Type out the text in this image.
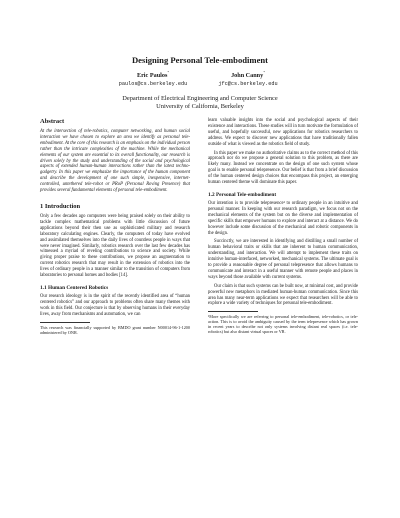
Designing Personal Tele-embodiment
Eric Paulos*
paulos@cs.berkeley.edu
John Canny*
jfc@cs.berkeley.edu
Department of Electrical Engineering and Computer Science
University of California, Berkeley
Abstract

At the intersection of tele-robotics, computer networking, and human social interaction we have chosen to explore an area we identify as personal tele-embodiment. At the core of this research is an emphasis on the individual person rather than the intricate complexities of the machine. While the mechanical elements of our system are essential to its overall functionality, our research is driven solely by the study and understanding of the social and psychological aspects of extended human-human interactions rather than the latest techno-gadgetry. In this paper we emphasize the importance of the human component and describe the development of one such simple, inexpensive, internet-controlled, untethered tele-robot or PRoP (Personal Roving Presence) that provides several fundamental elements of personal tele-embodiment.

1 Introduction

Only a few decades ago computers were being praised solely on their ability to tackle complex mathematical problems with little discussion of future applications beyond their then use as sophisticated military and research laboratory calculating engines. Clearly, the computers of today have evolved and assimilated themselves into the daily lives of countless people in ways that were never imagined. Similarly, robotics research over the last few decades has witnessed a myriad of reveling contributions to science and society. While giving proper praise to these contributions, we propose an augmentation to current robotics research that may result in the extension of robotics into the lives of ordinary people in a manner similar to the transition of computers from laboratories to personal homes and bodies [14].

1.1 Human Centered Robotics

Our research ideology is in the spirit of the recently identified area of “human centered robotics” and our approach to problems often share many themes with work in this field. Our conjecture is that by observing humans in their everyday lives, away from mechanisms and automation, we can

This research was financially supported by BMDO grant number N00014-96-1-1200 administered by ONR.

learn valuable insights into the social and psychological aspects of their existence and interactions. These studies will in turn motivate the formulation of useful, and hopefully successful, new applications for robotics researchers to address. We expect to discover new applications that have traditionally fallen outside of what is viewed as the robotics field of study.

In this paper we make no authoritative claims as to the correct method of this approach nor do we propose a general solution to this problem, as there are likely many. Instead we concentrate on the design of one such system whose goal is to enable personal telepresence. Our belief is that from a brief discussion of the human centered design choices that encompass this project, an emerging human centered theme will dominate this paper.

1.2 Personal Tele-embodiment

Our intention is to provide telepresence¹ to ordinary people in an intuitive and personal manner. In keeping with our research paradigm, we focus not on the mechanical elements of the system but on the diverse and implementation of specific skills that empower humans to explore and interact at a distance. We do however include some discussion of the mechanical and robotic components in the design.

Succinctly, we are interested in identifying and distilling a small number of human behavioral traits or skills that are inherent to human communication, understanding, and interaction. We will attempt to implement these traits on intuitive human-interfaced, networked, mechanical systems. The ultimate goal is to provide a reasonable degree of personal telepresence that allows humans to communicate and interact in a useful manner with remote people and places in ways beyond those available with current systems.

Our claim is that such systems can be built now, at minimal cost, and provide powerful new metaphors in mediated human-human communication. Since this area has many near-term applications we expect that researchers will be able to explore a wide variety of techniques for personal tele-embodiment.

¹More specifically we are referring to personal tele-embodiment, tele-robotics, or tele-action. This is to avoid the ambiguity caused by the term telepresence which has grown in recent years to describe not only systems involving distant real spaces (i.e. tele-robotics) but also distant virtual spaces or VR.
